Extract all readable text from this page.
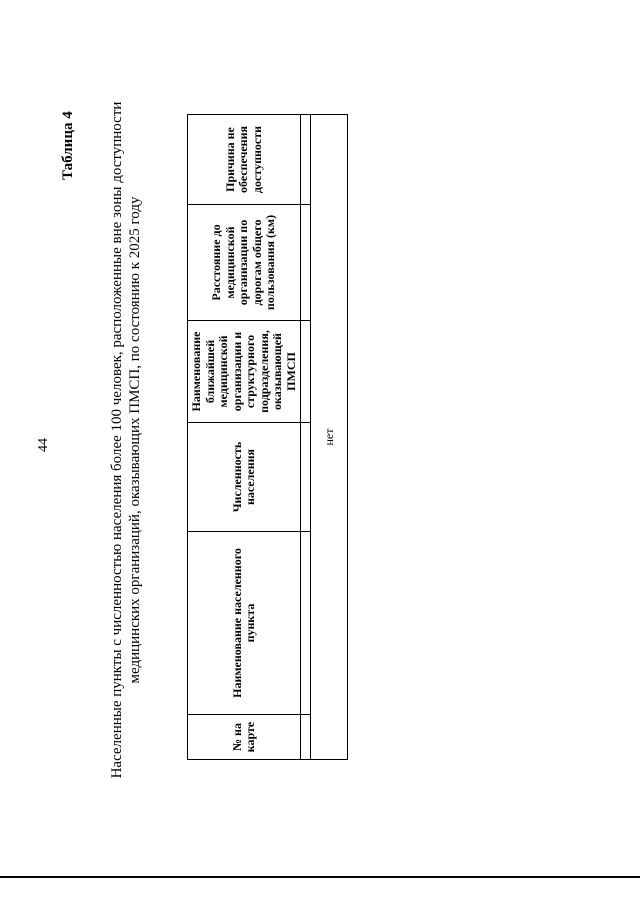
44
Таблица 4 Населенные пункты с численностью населения более 100 человек, расположенные вне зоны доступности медицинских организаций, оказывающих ПМСП, по состоянию к 2025 году
№ на карте	Наименование населенного пункта	Численность населения	Наименование ближайшей медицинской организации и структурного подразделения, оказывающей ПМСП	Расстояние до медицинской организации по дорогам общего пользования (км)	Причина не обеспечения доступности

нет					
